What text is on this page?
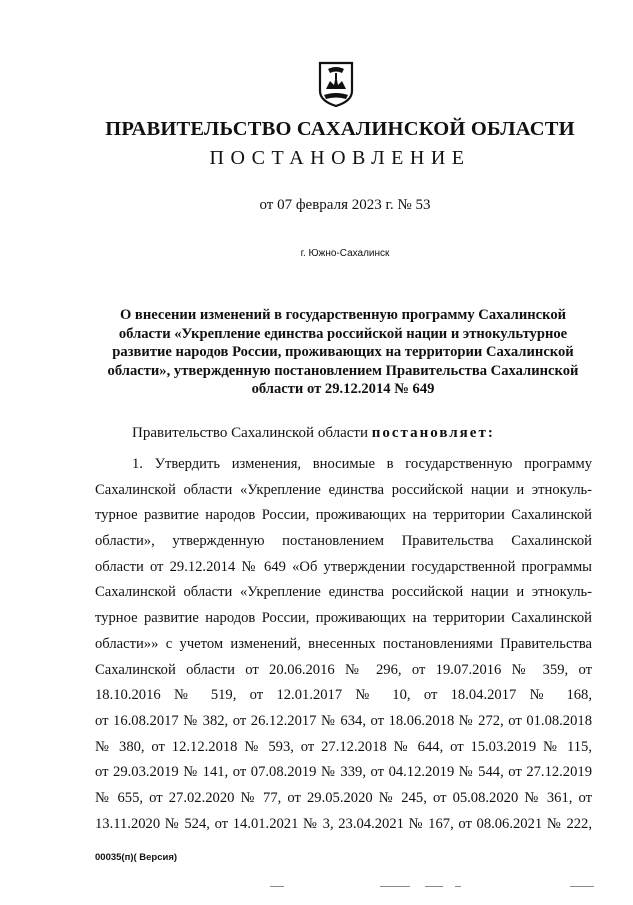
ПРАВИТЕЛЬСТВО САХАЛИНСКОЙ ОБЛАСТИ
ПОСТАНОВЛЕНИЕ
от 07 февраля 2023 г. № 53
г. Южно-Сахалинск
О внесении изменений в государственную программу Сахалинской
области «Укрепление единства российской нации и этнокультурное
развитие народов России, проживающих на территории Сахалинской
области», утвержденную постановлением Правительства Сахалинской
области от 29.12.2014 № 649
Правительство Сахалинской области постановляет:
1. Утвердить изменения, вносимые в государственную программу
Сахалинской области «Укрепление единства российской нации и этнокуль-
турное развитие народов России, проживающих на территории Сахалинской
области», утвержденную постановлением Правительства Сахалинской
области от 29.12.2014 № 649 «Об утверждении государственной программы
Сахалинской области «Укрепление единства российской нации и этнокуль-
турное развитие народов России, проживающих на территории Сахалинской
области»» с учетом изменений, внесенных постановлениями Правительства
Сахалинской области от 20.06.2016 № 296, от 19.07.2016 № 359, от
18.10.2016 № 519, от 12.01.2017 № 10, от 18.04.2017 № 168,
от 16.08.2017 № 382, от 26.12.2017 № 634, от 18.06.2018 № 272, от 01.08.2018
№ 380, от 12.12.2018 № 593, от 27.12.2018 № 644, от 15.03.2019 № 115,
от 29.03.2019 № 141, от 07.08.2019 № 339, от 04.12.2019 № 544, от 27.12.2019
№ 655, от 27.02.2020 № 77, от 29.05.2020 № 245, от 05.08.2020 № 361, от
13.11.2020 № 524, от 14.01.2021 № 3, 23.04.2021 № 167, от 08.06.2021 № 222,
00035(п)( Версия)
